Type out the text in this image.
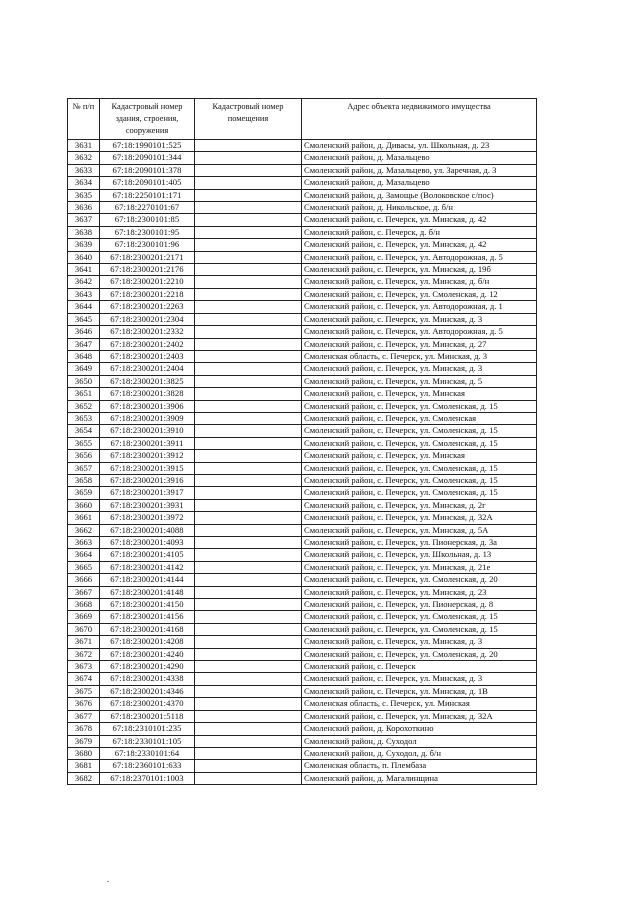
№ п/п	Кадастровый номер здания, строения, сооружения	Кадастровый номер помещения	Адрес объекта недвижимого имущества
3631	67:18:1990101:525		Смоленский район, д. Дивасы, ул. Школьная, д. 23
3632	67:18:2090101:344		Смоленский район, д. Мазальцево
3633	67:18:2090101:378		Смоленский район, д. Мазальцево, ул. Заречная, д. 3
3634	67:18:2090101:405		Смоленский район, д. Мазальцево
3635	67:18:2250101:171		Смоленский район, д. Замощье (Волоковское с/пос)
3636	67:18:2270101:67		Смоленский район, д. Никольское, д. б/н
3637	67:18:2300101:85		Смоленский район, с. Печерск, ул. Минская, д. 42
3638	67:18:2300101:95		Смоленский район, с. Печерск, д. б/н
3639	67:18:2300101:96		Смоленский район, с. Печерск, ул. Минская, д. 42
3640	67:18:2300201:2171		Смоленский район, с. Печерск, ул. Автодорожная, д. 5
3641	67:18:2300201:2176		Смоленский район, с. Печерск, ул. Минская, д. 19б
3642	67:18:2300201:2210		Смоленский район, с. Печерск, ул. Минская, д. б/н
3643	67:18:2300201:2218		Смоленский район, с. Печерск, ул. Смоленская, д. 12
3644	67:18:2300201:2263		Смоленский район, с. Печерск, ул. Автодорожная, д. 1
3645	67:18:2300201:2304		Смоленский район, с. Печерск, ул. Минская, д. 3
3646	67:18:2300201:2332		Смоленский район, с. Печерск, ул. Автодорожная, д. 5
3647	67:18:2300201:2402		Смоленский район, с. Печерск, ул. Минская, д. 27
3648	67:18:2300201:2403		Смоленская область, с. Печерск, ул. Минская, д. 3
3649	67:18:2300201:2404		Смоленский район, с. Печерск, ул. Минская, д. 3
3650	67:18:2300201:3825		Смоленский район, с. Печерск, ул. Минская, д. 5
3651	67:18:2300201:3828		Смоленский район, с. Печерск, ул. Минская
3652	67:18:2300201:3906		Смоленский район, с. Печерск, ул. Смоленская, д. 15
3653	67:18:2300201:3909		Смоленский район, с. Печерск, ул. Смоленская
3654	67:18:2300201:3910		Смоленский район, с. Печерск, ул. Смоленская, д. 15
3655	67:18:2300201:3911		Смоленский район, с. Печерск, ул. Смоленская, д. 15
3656	67:18:2300201:3912		Смоленский район, с. Печерск, ул. Минская
3657	67:18:2300201:3915		Смоленский район, с. Печерск, ул. Смоленская, д. 15
3658	67:18:2300201:3916		Смоленский район, с. Печерск, ул. Смоленская, д. 15
3659	67:18:2300201:3917		Смоленский район, с. Печерск, ул. Смоленская, д. 15
3660	67:18:2300201:3931		Смоленский район, с. Печерск, ул. Минская, д. 2г
3661	67:18:2300201:3972		Смоленский район, с. Печерск, ул. Минская, д. 32А
3662	67:18:2300201:4088		Смоленский район, с. Печерск, ул. Минская, д. 5А
3663	67:18:2300201:4093		Смоленский район, с. Печерск, ул. Пионерская, д. 3а
3664	67:18:2300201:4105		Смоленский район, с. Печерск, ул. Школьная, д. 13
3665	67:18:2300201:4142		Смоленский район, с. Печерск, ул. Минская, д. 21е
3666	67:18:2300201:4144		Смоленский район, с. Печерск, ул. Смоленская, д. 20
3667	67:18:2300201:4148		Смоленский район, с. Печерск, ул. Минская, д. 23
3668	67:18:2300201:4150		Смоленский район, с. Печерск, ул. Пионерская, д. 8
3669	67:18:2300201:4156		Смоленский район, с. Печерск, ул. Смоленская, д. 15
3670	67:18:2300201:4168		Смоленский район, с. Печерск, ул. Смоленская, д. 15
3671	67:18:2300201:4208		Смоленский район, с. Печерск, ул. Минская, д. 3
3672	67:18:2300201:4240		Смоленский район, с. Печерск, ул. Смоленская, д. 20
3673	67:18:2300201:4290		Смоленский район, с. Печерск
3674	67:18:2300201:4338		Смоленский район, с. Печерск, ул. Минская, д. 3
3675	67:18:2300201:4346		Смоленский район, с. Печерск, ул. Минская, д. 1В
3676	67:18:2300201:4370		Смоленская область, с. Печерск, ул. Минская
3677	67:18:2300201:5118		Смоленский район, с. Печерск, ул. Минская, д. 32А
3678	67:18:2310101:235		Смоленский район, д. Корохоткино
3679	67:18:2330101:105		Смоленский район, д. Суходол
3680	67:18:2330101:64		Смоленский район, д. Суходол, д. б/н
3681	67:18:2360101:633		Смоленская область, п. Плембаза
3682	67:18:2370101:1003		Смоленский район, д. Магалинщина
